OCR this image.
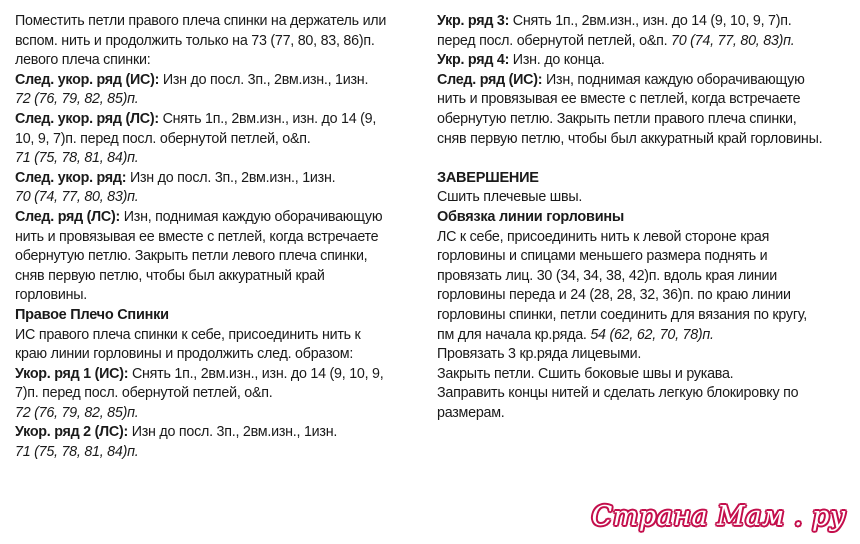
Поместить петли правого плеча спинки на держатель или
вспом. нить и продолжить только на 73 (77, 80, 83, 86)п.
левого плеча спинки:
След. укор. ряд (ИС): Изн до посл. 3п., 2вм.изн., 1изн.
72 (76, 79, 82, 85)п.
След. укор. ряд (ЛС): Снять 1п., 2вм.изн., изн. до 14 (9,
10, 9, 7)п. перед посл. обернутой петлей, о&п.
71 (75, 78, 81, 84)п.
След. укор. ряд: Изн до посл. 3п., 2вм.изн., 1изн.
70 (74, 77, 80, 83)п.
След. ряд (ЛС): Изн, поднимая каждую оборачивающую
нить и провязывая ее вместе с петлей, когда встречаете
обернутую петлю. Закрыть петли левого плеча спинки,
сняв первую петлю, чтобы был аккуратный край
горловины.
Правое Плечо Спинки
ИС правого плеча спинки к себе, присоединить нить к
краю линии горловины и продолжить след. образом:
Укор. ряд 1 (ИС): Снять 1п., 2вм.изн., изн. до 14 (9, 10, 9,
7)п. перед посл. обернутой петлей, о&п.
72 (76, 79, 82, 85)п.
Укор. ряд 2 (ЛС): Изн до посл. 3п., 2вм.изн., 1изн.
71 (75, 78, 81, 84)п.
Укр. ряд 3: Снять 1п., 2вм.изн., изн. до 14 (9, 10, 9, 7)п.
перед посл. обернутой петлей, о&п. 70 (74, 77, 80, 83)п.
Укр. ряд 4: Изн. до конца.
След. ряд (ИС): Изн, поднимая каждую оборачивающую
нить и провязывая ее вместе с петлей, когда встречаете
обернутую петлю. Закрыть петли правого плеча спинки,
сняв первую петлю, чтобы был аккуратный край горловины.
ЗАВЕРШЕНИЕ
Сшить плечевые швы.
Обвязка линии горловины
ЛС к себе, присоединить нить к левой стороне края
горловины и спицами меньшего размера поднять и
провязать лиц. 30 (34, 34, 38, 42)п. вдоль края линии
горловины переда и 24 (28, 28, 32, 36)п. по краю линии
горловины спинки, петли соединить для вязания по кругу,
пм для начала кр.ряда. 54 (62, 62, 70, 78)п.
Провязать 3 кр.ряда лицевыми.
Закрыть петли. Сшить боковые швы и рукава.
Заправить концы нитей и сделать легкую блокировку по
размерам.
Страна Мам . ру
